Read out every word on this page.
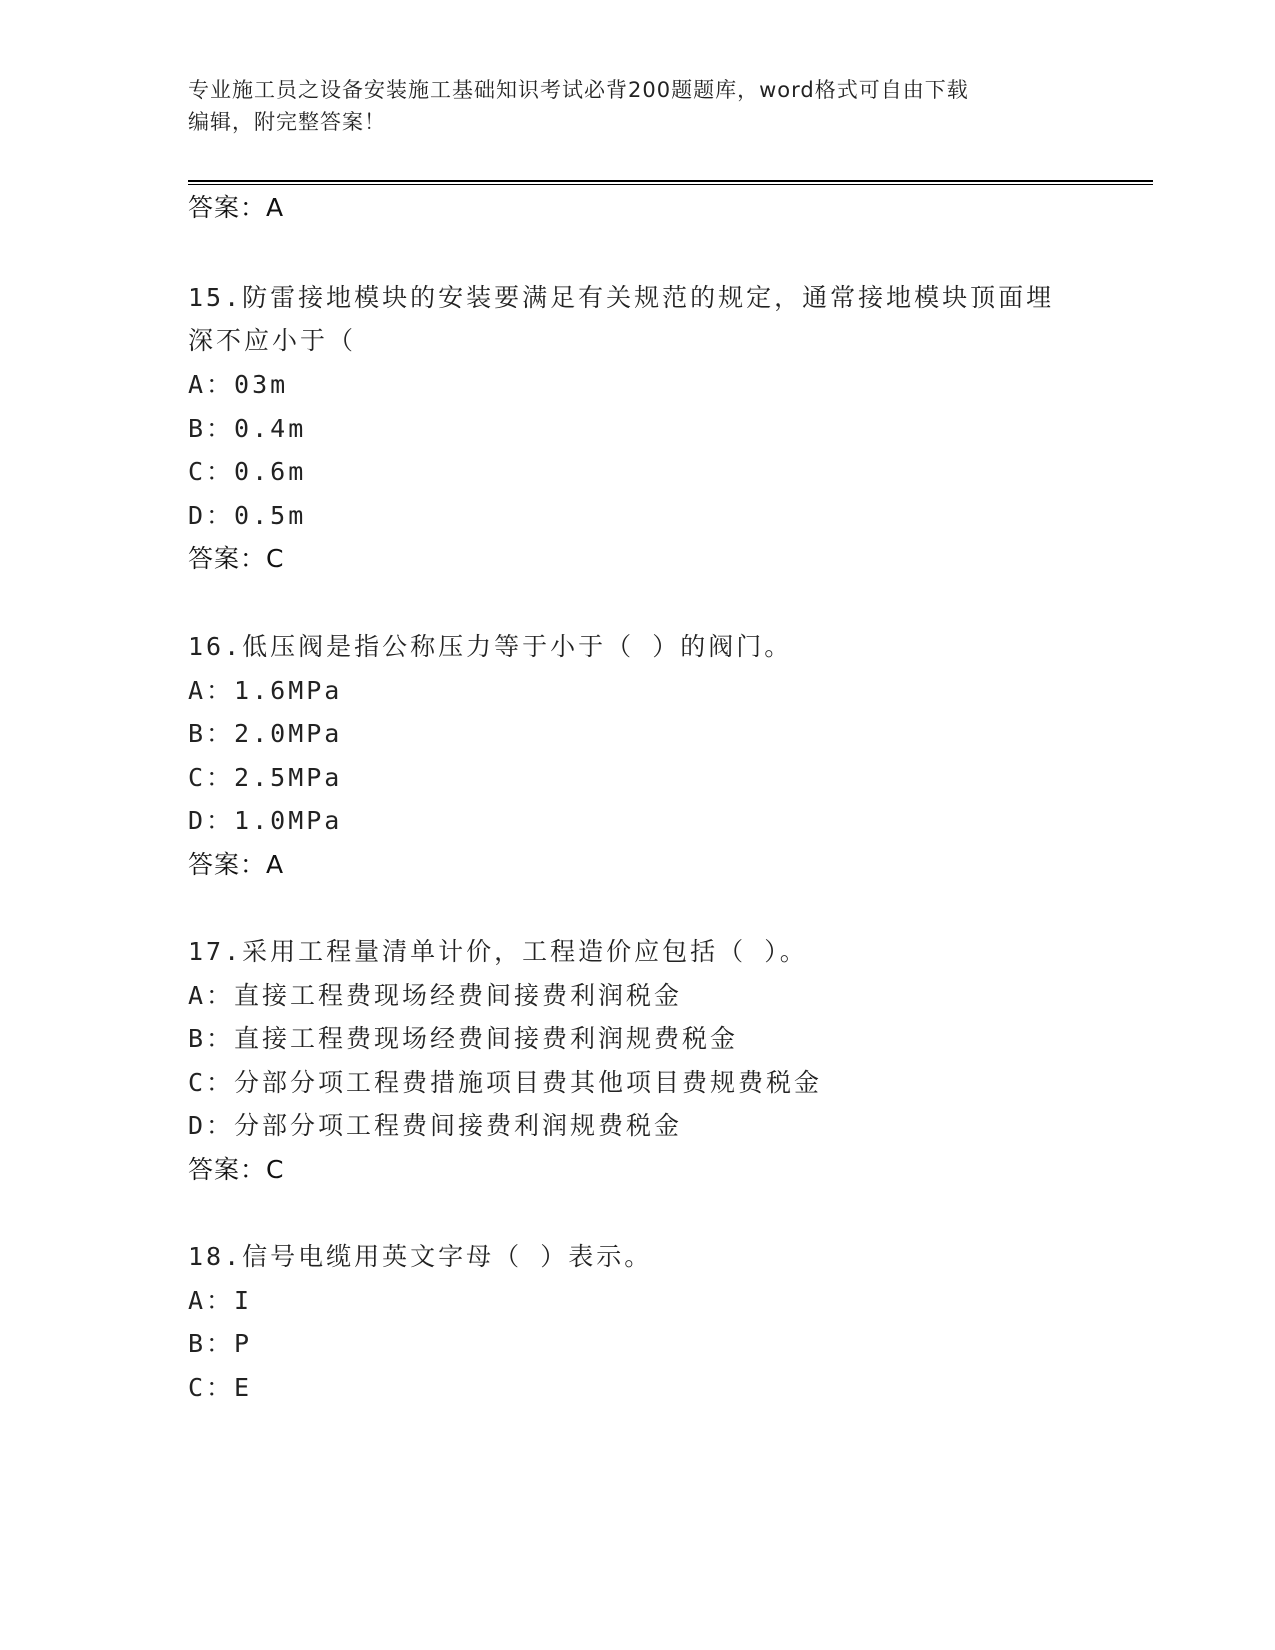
专业施工员之设备安装施工基础知识考试必背200题题库，word格式可自由下载
编辑，附完整答案！
答案：A
15.防雷接地模块的安装要满足有关规范的规定，通常接地模块顶面埋
深不应小于（
A：03m
B：0.4m
C：0.6m
D：0.5m
答案：C
16.低压阀是指公称压力等于小于（ ）的阀门。
A：1.6MPa
B：2.0MPa
C：2.5MPa
D：1.0MPa
答案：A
17.采用工程量清单计价，工程造价应包括（ ）。
A：直接工程费现场经费间接费利润税金
B：直接工程费现场经费间接费利润规费税金
C：分部分项工程费措施项目费其他项目费规费税金
D：分部分项工程费间接费利润规费税金
答案：C
18.信号电缆用英文字母（ ）表示。
A：I
B：P
C：E
